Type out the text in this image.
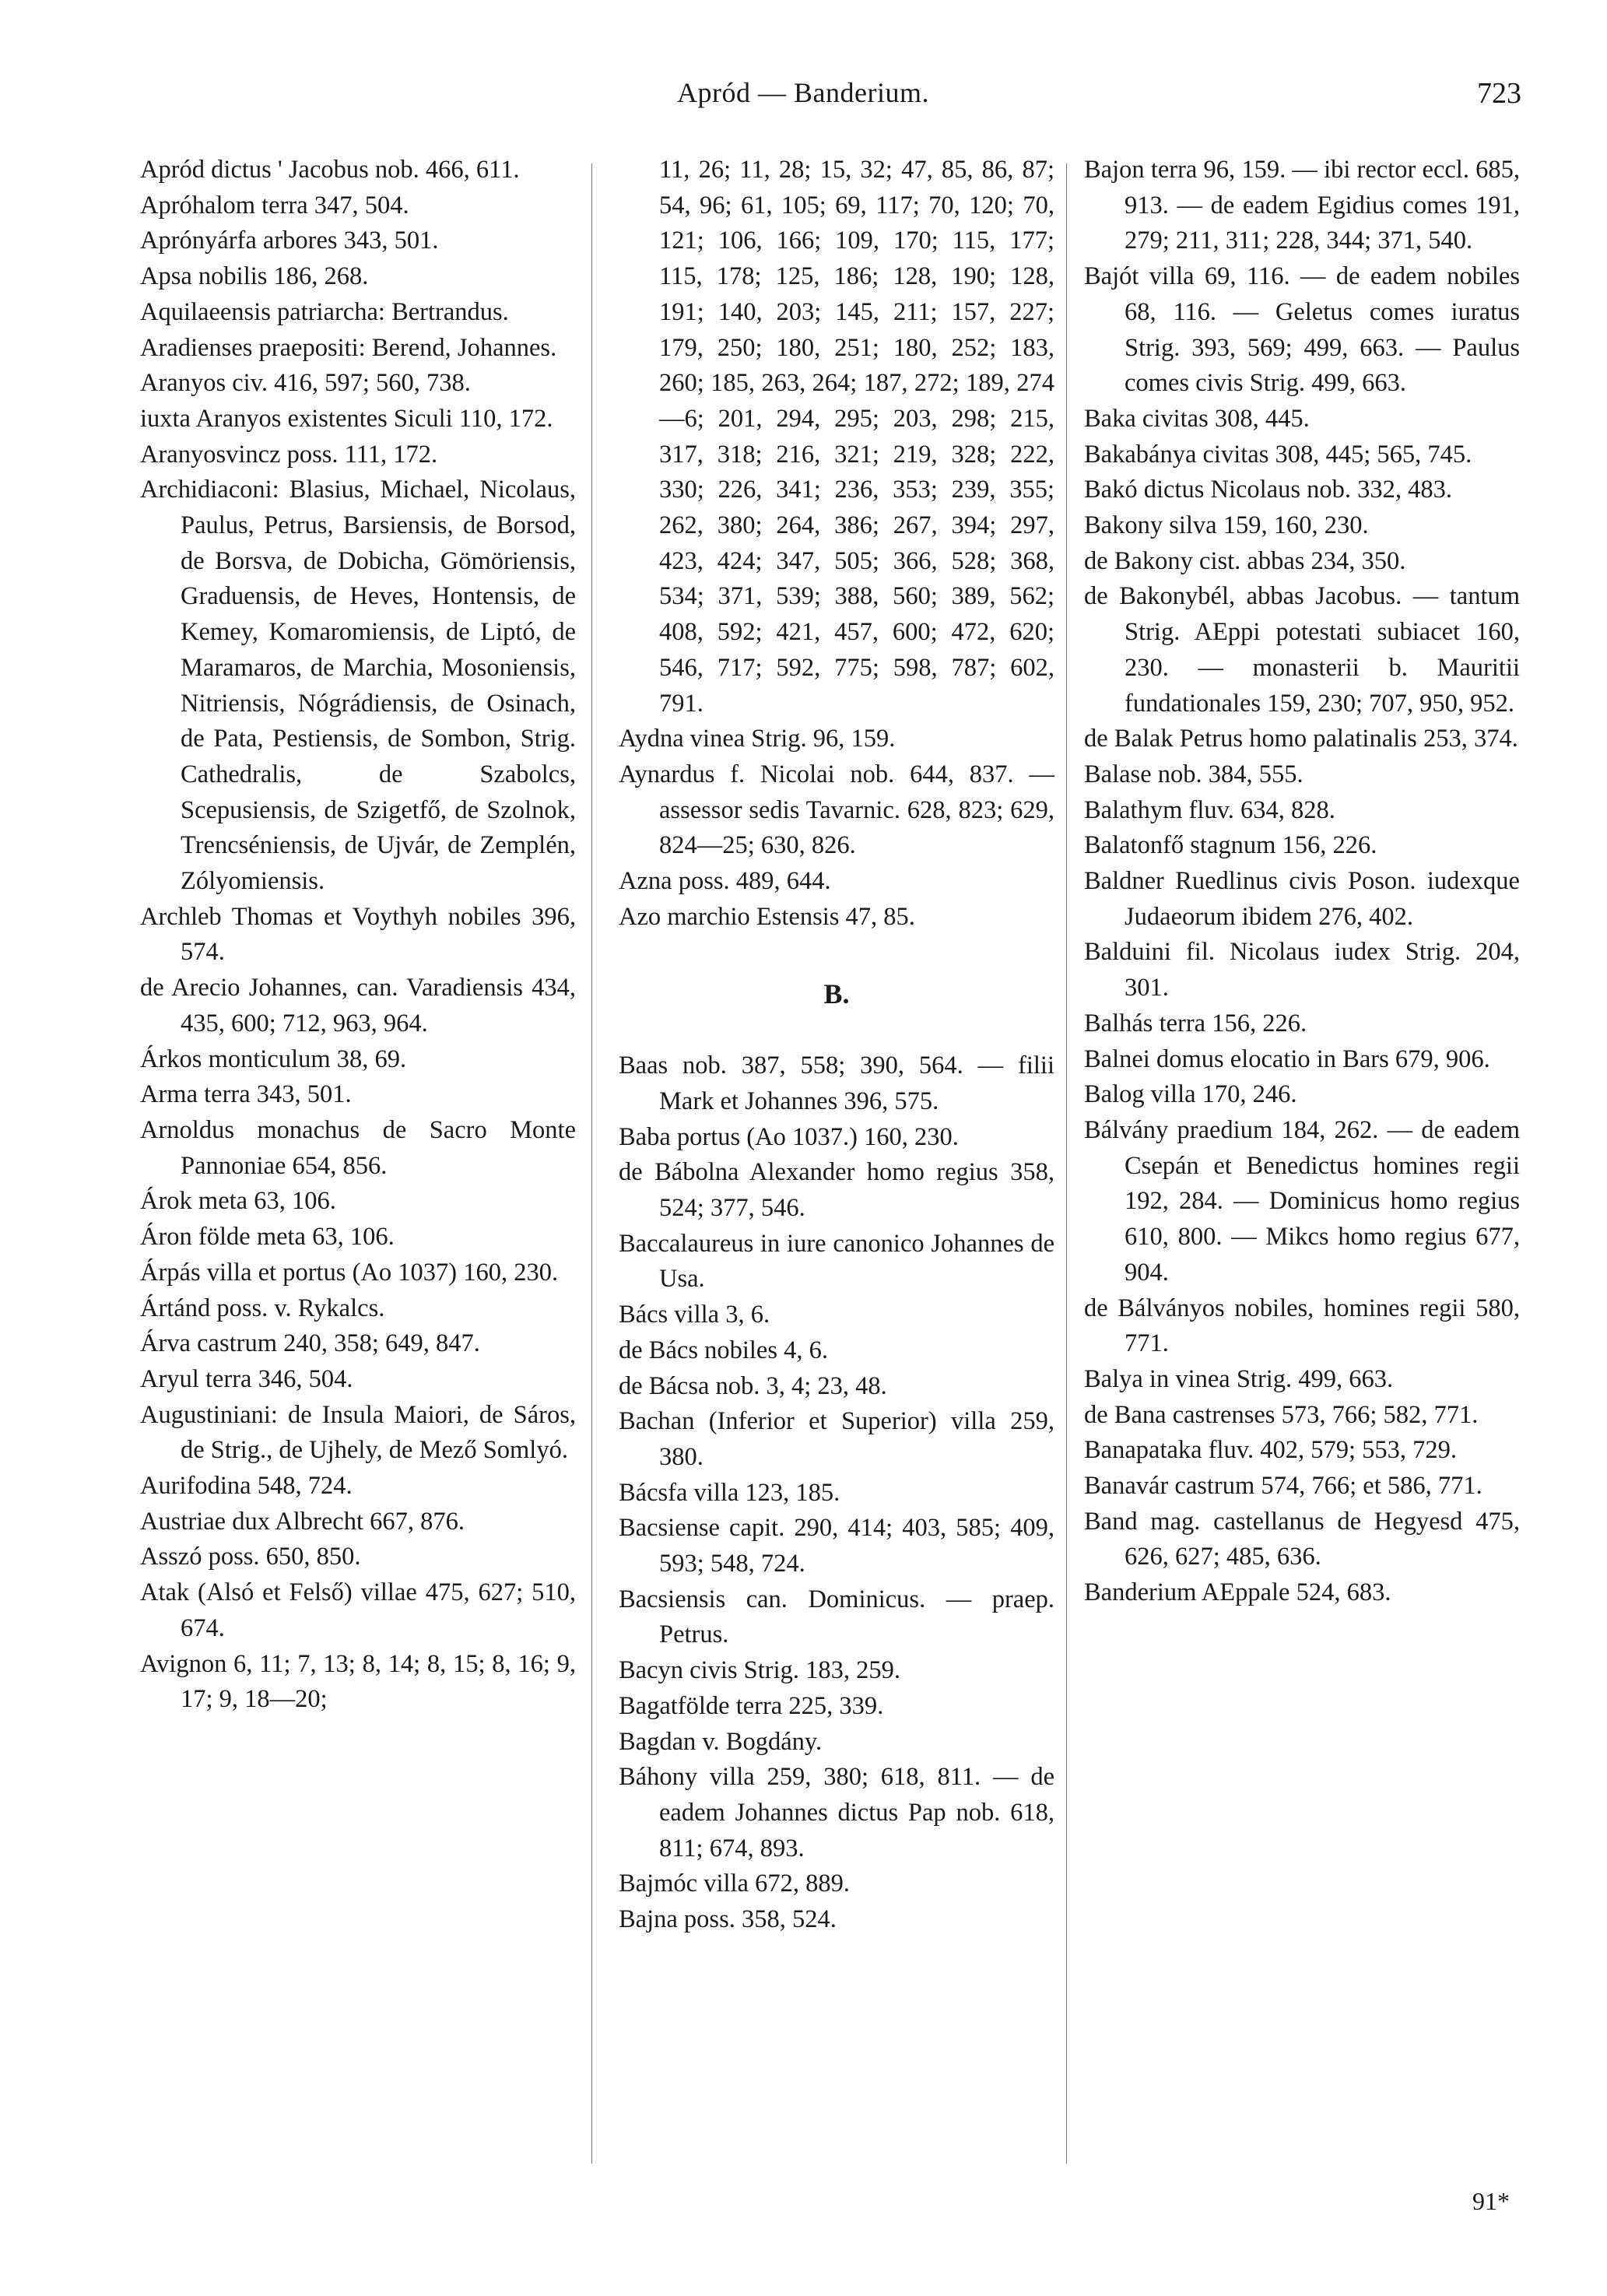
Apród — Banderium.	723

Apród dictus ' Jacobus nob. 466, 611.

Apróhalom terra 347, 504.

Aprónyárfa arbores 343, 501.

Apsa nobilis 186, 268.

Aquilaeensis patriarcha: Bertrandus.

Aradienses praepositi: Berend, Johannes.

Aranyos civ. 416, 597; 560, 738.

iuxta Aranyos existentes Siculi 110, 172.

Aranyosvincz poss. 111, 172.

Archidiaconi: Blasius, Michael, Nicolaus, Paulus, Petrus, Barsiensis, de Borsod, de Borsva, de Dobicha, Gömöriensis, Graduensis, de Heves, Hontensis, de Kemey, Komaromiensis, de Liptó, de Maramaros, de Marchia, Mosoniensis, Nitriensis, Nógrádiensis, de Osinach, de Pata, Pestiensis, de Sombon, Strig. Cathedralis, de Szabolcs, Scepusiensis, de Szigetfő, de Szolnok, Trencséniensis, de Ujvár, de Zemplén, Zólyomiensis.

Archleb Thomas et Voythyh nobiles 396, 574.

de Arecio Johannes, can. Varadiensis 434, 435, 600; 712, 963, 964.

Árkos monticulum 38, 69.

Arma terra 343, 501.

Arnoldus monachus de Sacro Monte Pannoniae 654, 856.

Árok meta 63, 106.

Áron földe meta 63, 106.

Árpás villa et portus (Ao 1037) 160, 230.

Ártánd poss. v. Rykalcs.

Árva castrum 240, 358; 649, 847.

Aryul terra 346, 504.

Augustiniani: de Insula Maiori, de Sáros, de Strig., de Ujhely, de Mező Somlyó.

Aurifodina 548, 724.

Austriae dux Albrecht 667, 876.

Asszó poss. 650, 850.

Atak (Alsó et Felső) villae 475, 627; 510, 674.

Avignon 6, 11; 7, 13; 8, 14; 8, 15; 8, 16; 9, 17; 9, 18—20;

11, 26; 11, 28; 15, 32; 47, 85, 86, 87; 54, 96; 61, 105; 69, 117; 70, 120; 70, 121; 106, 166; 109, 170; 115, 177; 115, 178; 125, 186; 128, 190; 128, 191; 140, 203; 145, 211; 157, 227; 179, 250; 180, 251; 180, 252; 183, 260; 185, 263, 264; 187, 272; 189, 274—6; 201, 294, 295; 203, 298; 215, 317, 318; 216, 321; 219, 328; 222, 330; 226, 341; 236, 353; 239, 355; 262, 380; 264, 386; 267, 394; 297, 423, 424; 347, 505; 366, 528; 368, 534; 371, 539; 388, 560; 389, 562; 408, 592; 421, 457, 600; 472, 620; 546, 717; 592, 775; 598, 787; 602, 791.

Aydna vinea Strig. 96, 159.

Aynardus f. Nicolai nob. 644, 837. — assessor sedis Tavarnic. 628, 823; 629, 824—25; 630, 826.

Azna poss. 489, 644.

Azo marchio Estensis 47, 85.

B.

Baas nob. 387, 558; 390, 564. — filii Mark et Johannes 396, 575.

Baba portus (Ao 1037.) 160, 230.

de Bábolna Alexander homo regius 358, 524; 377, 546.

Baccalaureus in iure canonico Johannes de Usa.

Bács villa 3, 6.

de Bács nobiles 4, 6.

de Bácsa nob. 3, 4; 23, 48.

Bachan (Inferior et Superior) villa 259, 380.

Bácsfa villa 123, 185.

Bacsiense capit. 290, 414; 403, 585; 409, 593; 548, 724.

Bacsiensis can. Dominicus. — praep. Petrus.

Bacyn civis Strig. 183, 259.

Bagatfölde terra 225, 339.

Bagdan v. Bogdány.

Báhony villa 259, 380; 618, 811. — de eadem Johannes dictus Pap nob. 618, 811; 674, 893.

Bajmóc villa 672, 889.

Bajna poss. 358, 524.

Bajon terra 96, 159. — ibi rector eccl. 685, 913. — de eadem Egidius comes 191, 279; 211, 311; 228, 344; 371, 540.

Bajót villa 69, 116. — de eadem nobiles 68, 116. — Geletus comes iuratus Strig. 393, 569; 499, 663. — Paulus comes civis Strig. 499, 663.

Baka civitas 308, 445.

Bakabánya civitas 308, 445; 565, 745.

Bakó dictus Nicolaus nob. 332, 483.

Bakony silva 159, 160, 230.

de Bakony cist. abbas 234, 350.

de Bakonybél, abbas Jacobus. — tantum Strig. AEppi potestati subiacet 160, 230. — monasterii b. Mauritii fundationales 159, 230; 707, 950, 952.

de Balak Petrus homo palatinalis 253, 374.

Balase nob. 384, 555.

Balathym fluv. 634, 828.

Balatonfő stagnum 156, 226.

Baldner Ruedlinus civis Poson. iudexque Judaeorum ibidem 276, 402.

Balduini fil. Nicolaus iudex Strig. 204, 301.

Balhás terra 156, 226.

Balnei domus elocatio in Bars 679, 906.

Balog villa 170, 246.

Bálvány praedium 184, 262. — de eadem Csepán et Benedictus homines regii 192, 284. — Dominicus homo regius 610, 800. — Mikcs homo regius 677, 904.

de Bálványos nobiles, homines regii 580, 771.

Balya in vinea Strig. 499, 663.

de Bana castrenses 573, 766; 582, 771.

Banapataka fluv. 402, 579; 553, 729.

Banavár castrum 574, 766; et 586, 771.

Band mag. castellanus de Hegyesd 475, 626, 627; 485, 636.

Banderium AEppale 524, 683.

91*
